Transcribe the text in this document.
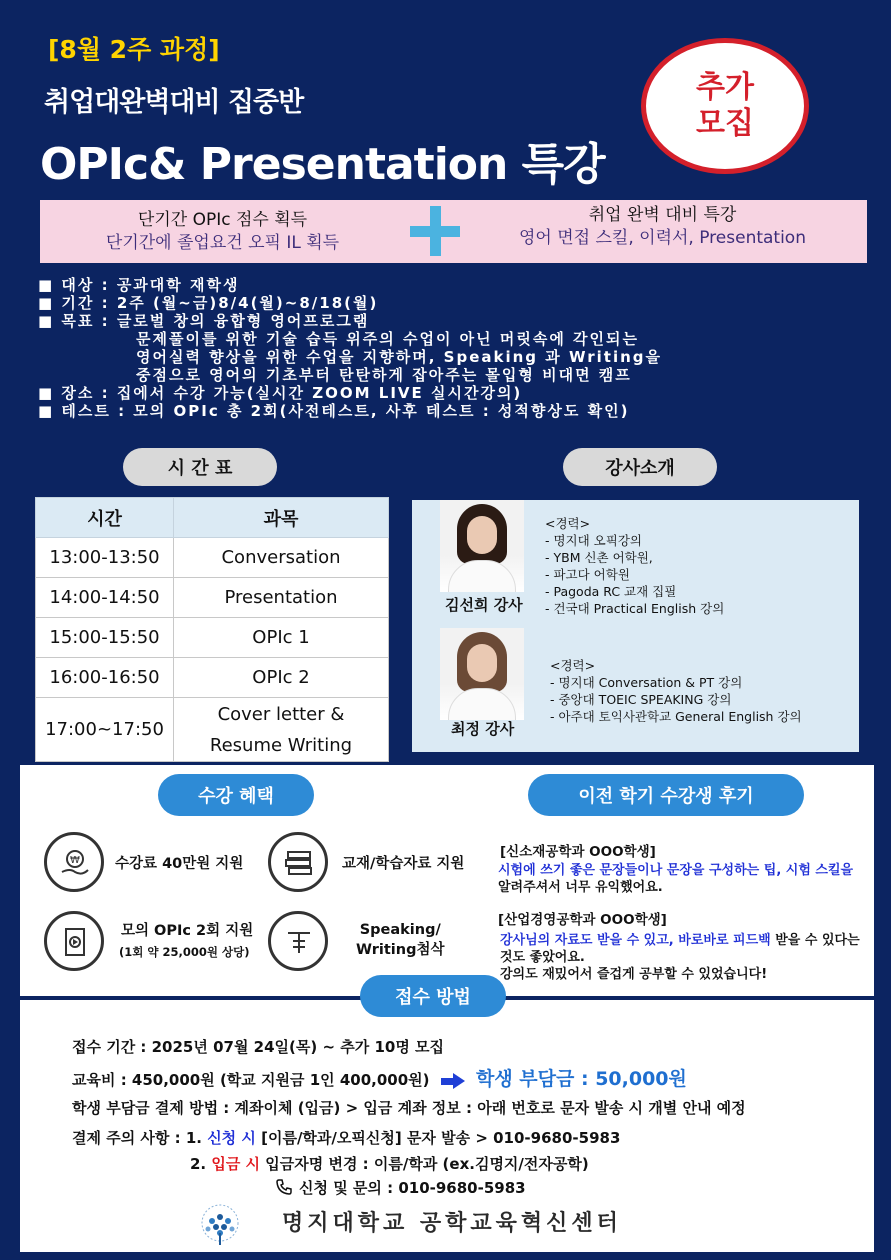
[8월 2주 과정]
취업대완벽대비 집중반
OPIc& Presentation 특강
추가
모집
단기간 OPIc 점수 획득
단기간에 졸업요건 오픽 IL 획득
취업 완벽 대비 특강
영어 면접 스킬, 이력서, Presentation
■ 대상 : 공과대학 재학생
■ 기간 : 2주 (월~금)8/4(월)~8/18(월)
■ 목표 : 글로벌 창의 융합형 영어프로그램
문제풀이를 위한 기술 습득 위주의 수업이 아닌 머릿속에 각인되는
영어실력 향상을 위한 수업을 지향하며, Speaking 과 Writing을
중점으로 영어의 기초부터 탄탄하게 잡아주는 몰입형 비대면 캠프
■ 장소 : 집에서 수강 가능(실시간 ZOOM LIVE 실시간강의)
■ 테스트 : 모의 OPIc 총 2회(사전테스트, 사후 테스트 : 성적향상도 확인)
시 간 표	강사소개
시간	과목
13:00-13:50	Conversation
14:00-14:50	Presentation
15:00-15:50	OPIc 1
16:00-16:50	OPIc 2
17:00~17:50	Cover letter &
Resume Writing
김선희 강사
<경력>
- 명지대 오픽강의
- YBM 신촌 어학원,
- 파고다 어학원
- Pagoda RC 교재 집필
- 건국대 Practical English 강의
최정 강사
<경력>
- 명지대 Conversation & PT 강의
- 중앙대 TOEIC SPEAKING 강의
- 아주대 토익사관학교 General English 강의
수강 혜택	이전 학기 수강생 후기
₩ 수강료 40만원 지원	교재/학습자료 지원
모의 OPIc 2회 지원
(1회 약 25,000원 상당)
Speaking/
Writing첨삭
[신소재공학과 OOO학생]
시험에 쓰기 좋은 문장들이나 문장을 구성하는 팁, 시험 스킬을
알려주셔서 너무 유익했어요.
[산업경영공학과 OOO학생]
강사님의 자료도 받을 수 있고, 바로바로 피드백 받을 수 있다는
것도 좋았어요.
강의도 재밌어서 즐겁게 공부할 수 있었습니다!
접수 기간 : 2025년 07월 24일(목) ~ 추가 10명 모집
교육비 : 450,000원 (학교 지원금 1인 400,000원) 학생 부담금 : 50,000원
학생 부담금 결제 방법 : 계좌이체 (입금) > 입금 계좌 정보 : 아래 번호로 문자 발송 시 개별 안내 예정
결제 주의 사항 : 1. 신청 시 [이름/학과/오픽신청] 문자 발송 > 010-9680-5983
2. 입금 시 입금자명 변경 : 이름/학과 (ex.김명지/전자공학)
신청 및 문의 : 010-9680-5983
명지대학교 공학교육혁신센터
접수 방법
